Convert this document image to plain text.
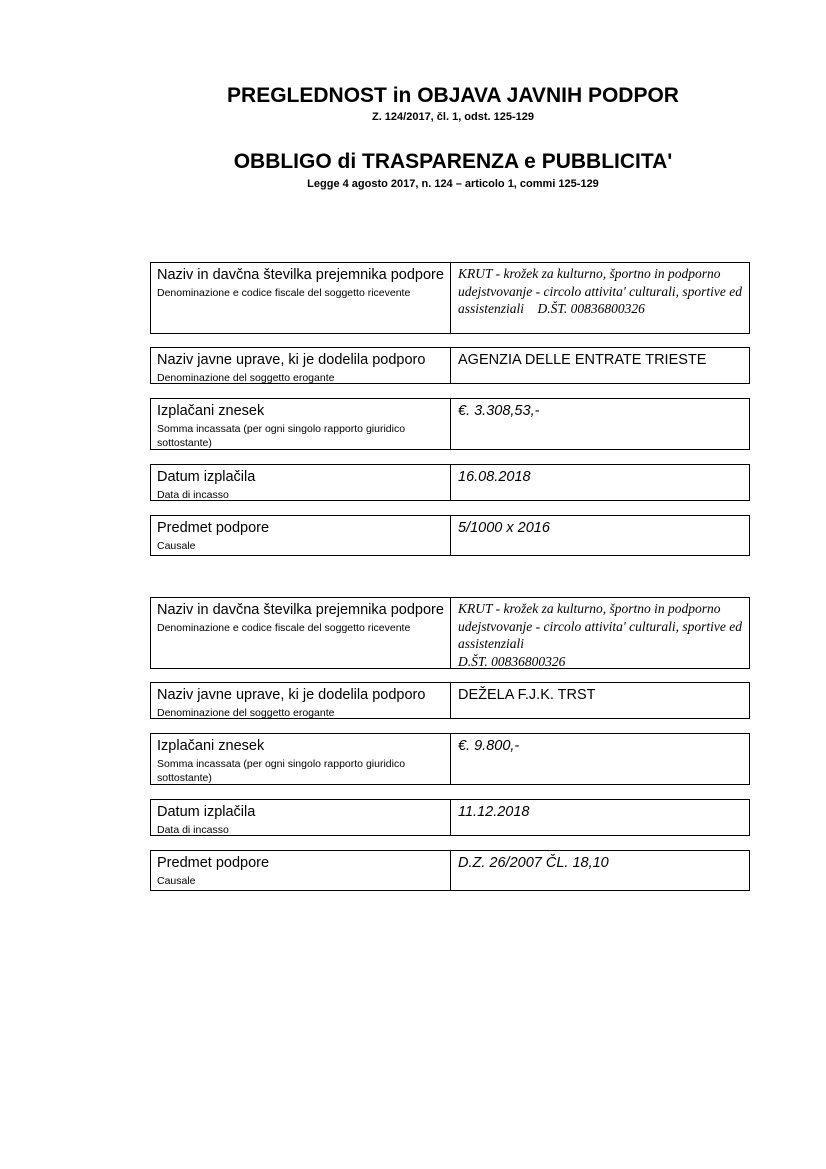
PREGLEDNOST in OBJAVA JAVNIH PODPOR
Z. 124/2017, čl. 1, odst. 125-129
OBBLIGO di TRASPARENZA e PUBBLICITA'
Legge 4 agosto 2017, n. 124 – articolo 1, commi 125-129
Naziv in davčna številka prejemnika podpore
Denominazione e codice fiscale del soggetto ricevente
KRUT - krožek za kulturno, športno in podporno udejstvovanje - circolo attivita' culturali, sportive ed assistenziali    D.ŠT. 00836800326
Naziv javne uprave, ki je dodelila podporo
Denominazione del soggetto erogante
AGENZIA DELLE ENTRATE TRIESTE
Izplačani znesek
Somma incassata (per ogni singolo rapporto giuridico sottostante)
€. 3.308,53,-
Datum izplačila
Data di incasso
16.08.2018
Predmet podpore
Causale
5/1000 x 2016
Naziv in davčna številka prejemnika podpore
Denominazione e codice fiscale del soggetto ricevente
KRUT - krožek za kulturno, športno in podporno udejstvovanje - circolo attivita' culturali, sportive ed assistenziali
D.ŠT. 00836800326
Naziv javne uprave, ki je dodelila podporo
Denominazione del soggetto erogante
DEŽELA F.J.K. TRST
Izplačani znesek
Somma incassata (per ogni singolo rapporto giuridico sottostante)
€. 9.800,-
Datum izplačila
Data di incasso
11.12.2018
Predmet podpore
Causale
D.Z. 26/2007 ČL. 18,10
